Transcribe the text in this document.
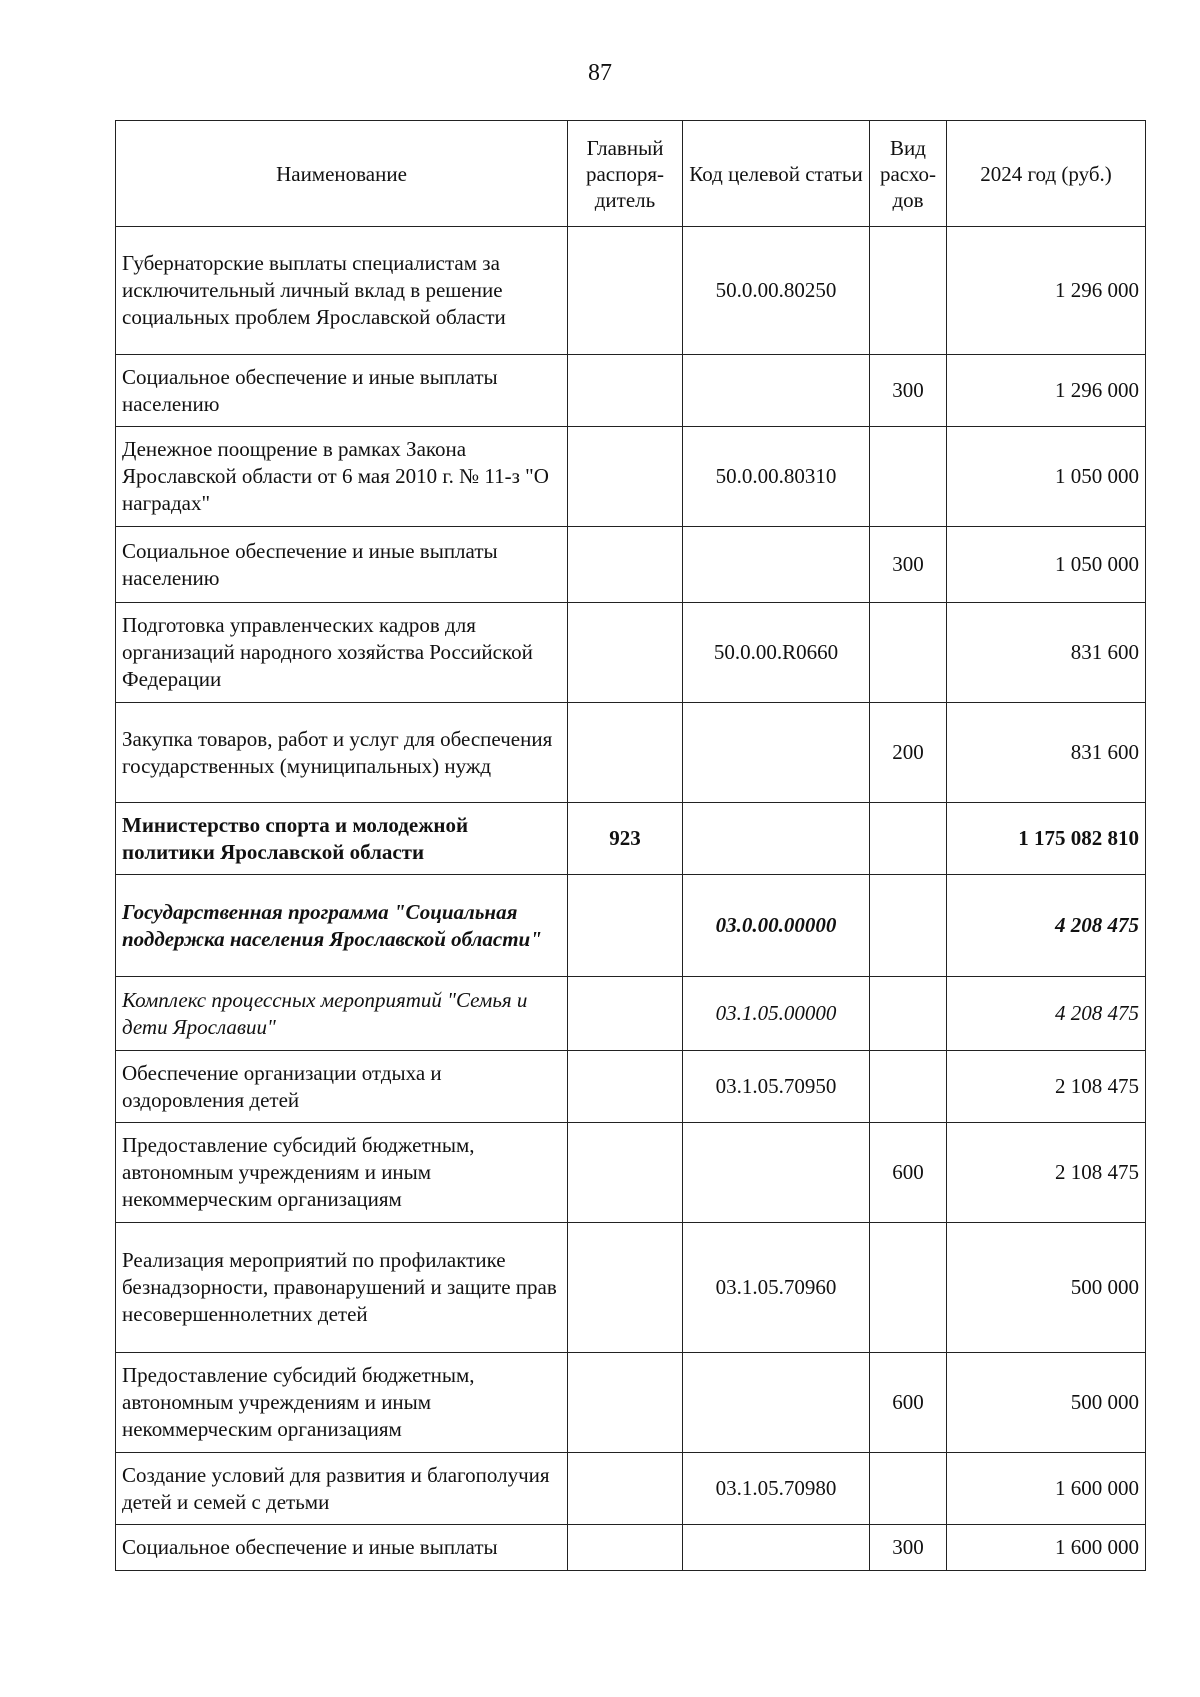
87
Наименование	Главный распоря-дитель	Код целевой статьи	Вид расхо-дов	2024 год (руб.)
Губернаторские выплаты специалистам за исключительный личный вклад в решение социальных проблем Ярославской области		50.0.00.80250		1 296 000
Социальное обеспечение и иные выплаты населению			300	1 296 000
Денежное поощрение в рамках Закона Ярославской области от 6 мая 2010 г. № 11-з "О наградах"		50.0.00.80310		1 050 000
Социальное обеспечение и иные выплаты населению			300	1 050 000
Подготовка управленческих кадров для организаций народного хозяйства Российской Федерации		50.0.00.R0660		831 600
Закупка товаров, работ и услуг для обеспечения государственных (муниципальных) нужд			200	831 600
Министерство спорта и молодежной политики Ярославской области	923			1 175 082 810
Государственная программа "Социальная поддержка населения Ярославской области"		03.0.00.00000		4 208 475
Комплекс процессных мероприятий "Семья и дети Ярославии"		03.1.05.00000		4 208 475
Обеспечение организации отдыха и оздоровления детей		03.1.05.70950		2 108 475
Предоставление субсидий бюджетным, автономным учреждениям и иным некоммерческим организациям			600	2 108 475
Реализация мероприятий по профилактике безнадзорности, правонарушений и защите прав несовершеннолетних детей		03.1.05.70960		500 000
Предоставление субсидий бюджетным, автономным учреждениям и иным некоммерческим организациям			600	500 000
Создание условий для развития и благополучия детей и семей с детьми		03.1.05.70980		1 600 000
Социальное обеспечение и иные выплаты			300	1 600 000
